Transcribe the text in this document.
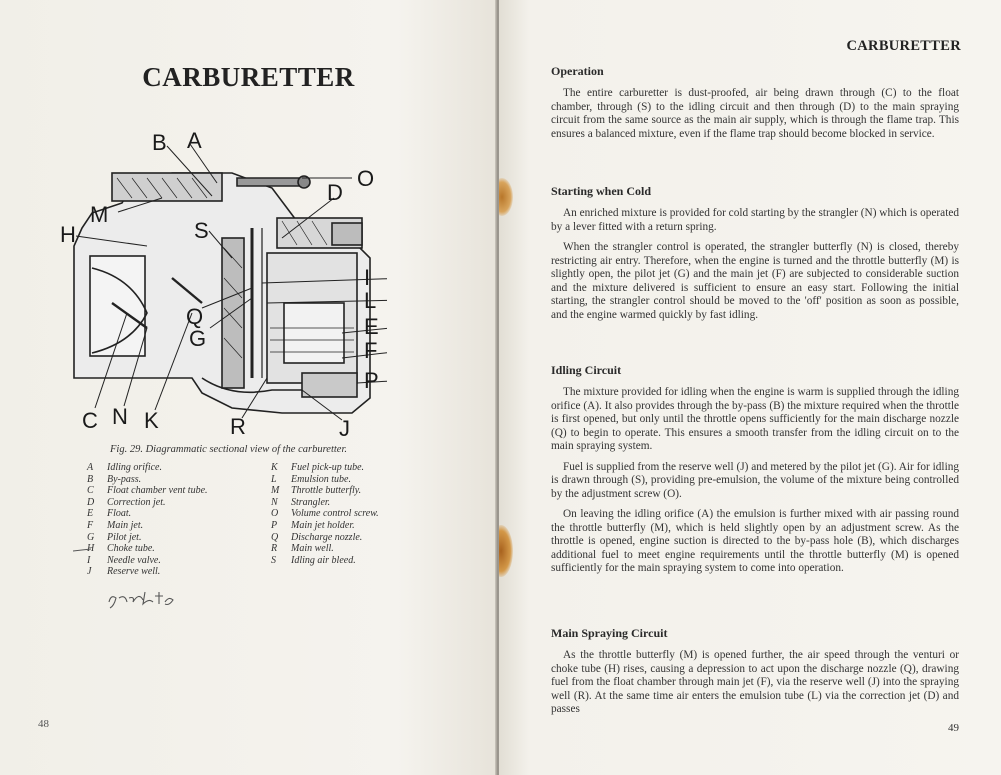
CARBURETTER
B A
O
D
M
H	S
I
L
Q
G	E
F
P
C N K	R	J
Fig. 29. Diagrammatic sectional view of the carburetter.
A	Idling orifice.
B	By-pass.
C	Float chamber vent tube.
D	Correction jet.
E	Float.
F	Main jet.
G	Pilot jet.
H	Choke tube.
I	Needle valve.
J	Reserve well.
K	Fuel pick-up tube.
L	Emulsion tube.
M	Throttle butterfly.
N	Strangler.
O	Volume control screw.
P	Main jet holder.
Q	Discharge nozzle.
R	Main well.
S	Idling air bleed.
48
CARBURETTER
Operation

The entire carburetter is dust-proofed, air being drawn through (C) to the float chamber, through (S) to the idling circuit and then through (D) to the main spraying circuit from the same source as the main air supply, which is through the flame trap. This ensures a balanced mixture, even if the flame trap should become blocked in service.

Starting when Cold

An enriched mixture is provided for cold starting by the strangler (N) which is operated by a lever fitted with a return spring.

When the strangler control is operated, the strangler butterfly (N) is closed, thereby restricting air entry. Therefore, when the engine is turned and the throttle butterfly (M) is slightly open, the pilot jet (G) and the main jet (F) are subjected to considerable suction and the mixture delivered is sufficient to ensure an easy start. Following the initial starting, the strangler control should be moved to the 'off' position as soon as possible, and the engine warmed quickly by fast idling.

Idling Circuit

The mixture provided for idling when the engine is warm is supplied through the idling orifice (A). It also provides through the by-pass (B) the mixture required when the throttle is first opened, but only until the throttle opens sufficiently for the main discharge nozzle (Q) to begin to operate. This ensures a smooth transfer from the idling circuit on to the main spraying system.

Fuel is supplied from the reserve well (J) and metered by the pilot jet (G). Air for idling is drawn through (S), providing pre-emulsion, the volume of the mixture being controlled by the adjustment screw (O).

On leaving the idling orifice (A) the emulsion is further mixed with air passing round the throttle butterfly (M), which is held slightly open by an adjustment screw. As the throttle is opened, engine suction is directed to the by-pass hole (B), which discharges additional fuel to meet engine requirements until the throttle butterfly (M) is opened sufficiently for the main spraying system to come into operation.

Main Spraying Circuit

As the throttle butterfly (M) is opened further, the air speed through the venturi or choke tube (H) rises, causing a depression to act upon the discharge nozzle (Q), drawing fuel from the float chamber through main jet (F), via the reserve well (J) into the spraying well (R). At the same time air enters the emulsion tube (L) via the correction jet (D) and passes

49
